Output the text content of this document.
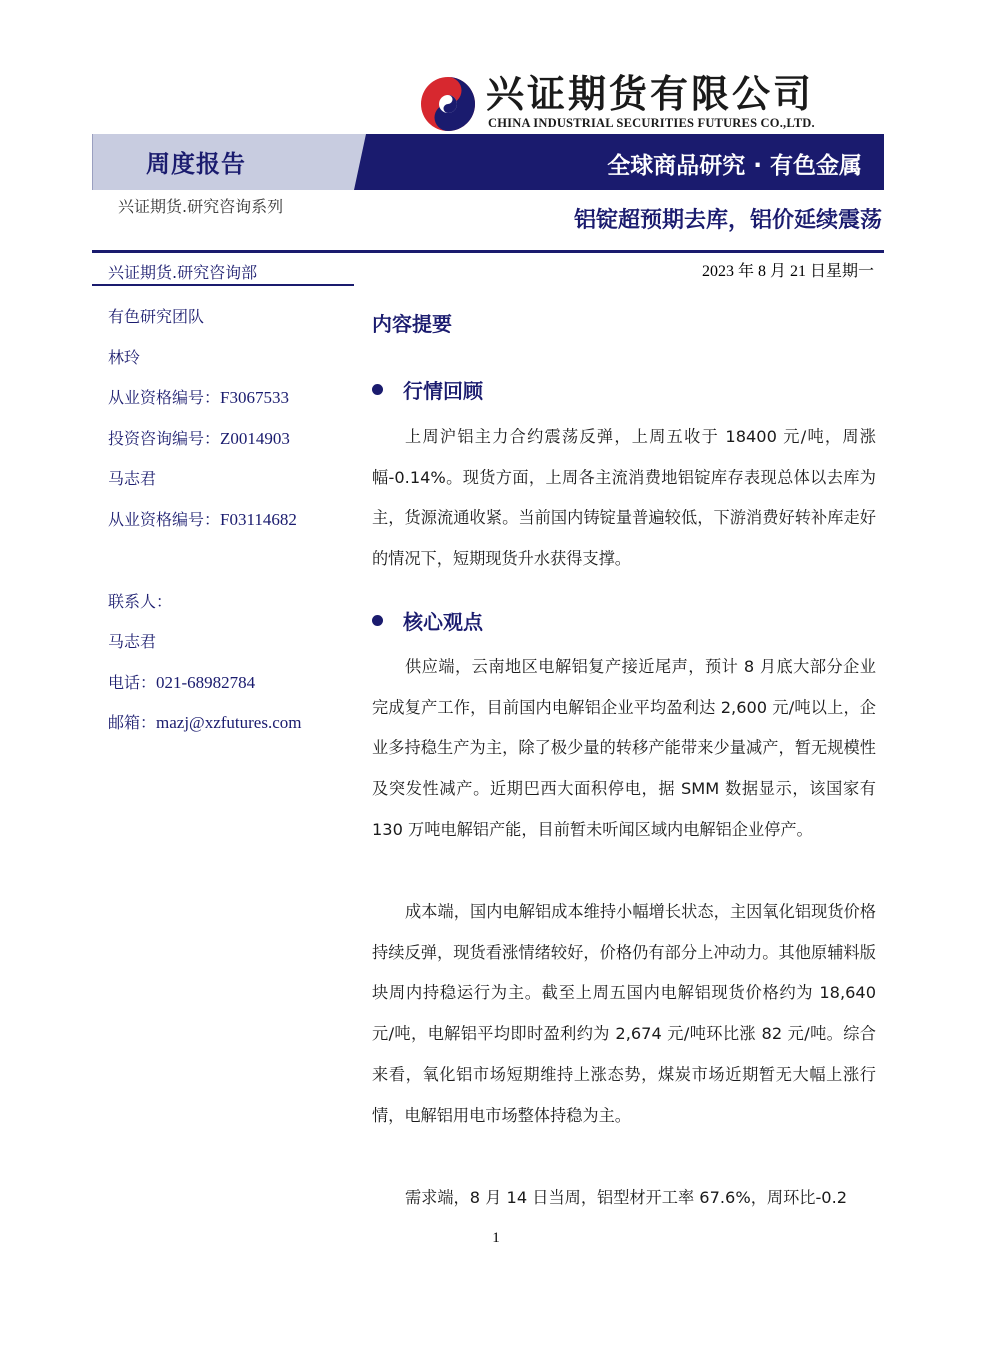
兴证期货有限公司
CHINA INDUSTRIAL SECURITIES FUTURES CO.,LTD.
周度报告	全球商品研究 · 有色金属
兴证期货.研究咨询系列
铝锭超预期去库，铝价延续震荡
兴证期货.研究咨询部
有色研究团队
林玲
从业资格编号：F3067533
投资咨询编号：Z0014903
马志君
从业资格编号：F03114682
联系人：
马志君
电话：021-68982784
邮箱：mazj@xzfutures.com
2023 年 8 月 21 日星期一
内容提要
行情回顾
上周沪铝主力合约震荡反弹，上周五收于 18400 元/吨，周涨幅-0.14%。现货方面，上周各主流消费地铝锭库存表现总体以去库为主，货源流通收紧。当前国内铸锭量普遍较低，下游消费好转补库走好的情况下，短期现货升水获得支撑。
核心观点
供应端，云南地区电解铝复产接近尾声，预计 8 月底大部分企业完成复产工作，目前国内电解铝企业平均盈利达 2,600 元/吨以上，企业多持稳生产为主，除了极少量的转移产能带来少量减产，暂无规模性及突发性减产。近期巴西大面积停电，据 SMM 数据显示，该国家有 130 万吨电解铝产能，目前暂未听闻区域内电解铝企业停产。
成本端，国内电解铝成本维持小幅增长状态，主因氧化铝现货价格持续反弹，现货看涨情绪较好，价格仍有部分上冲动力。其他原辅料版块周内持稳运行为主。截至上周五国内电解铝现货价格约为 18,640 元/吨，电解铝平均即时盈利约为 2,674 元/吨环比涨 82 元/吨。综合来看，氧化铝市场短期维持上涨态势，煤炭市场近期暂无大幅上涨行情，电解铝用电市场整体持稳为主。
需求端，8 月 14 日当周，铝型材开工率 67.6%，周环比-0.2
1
